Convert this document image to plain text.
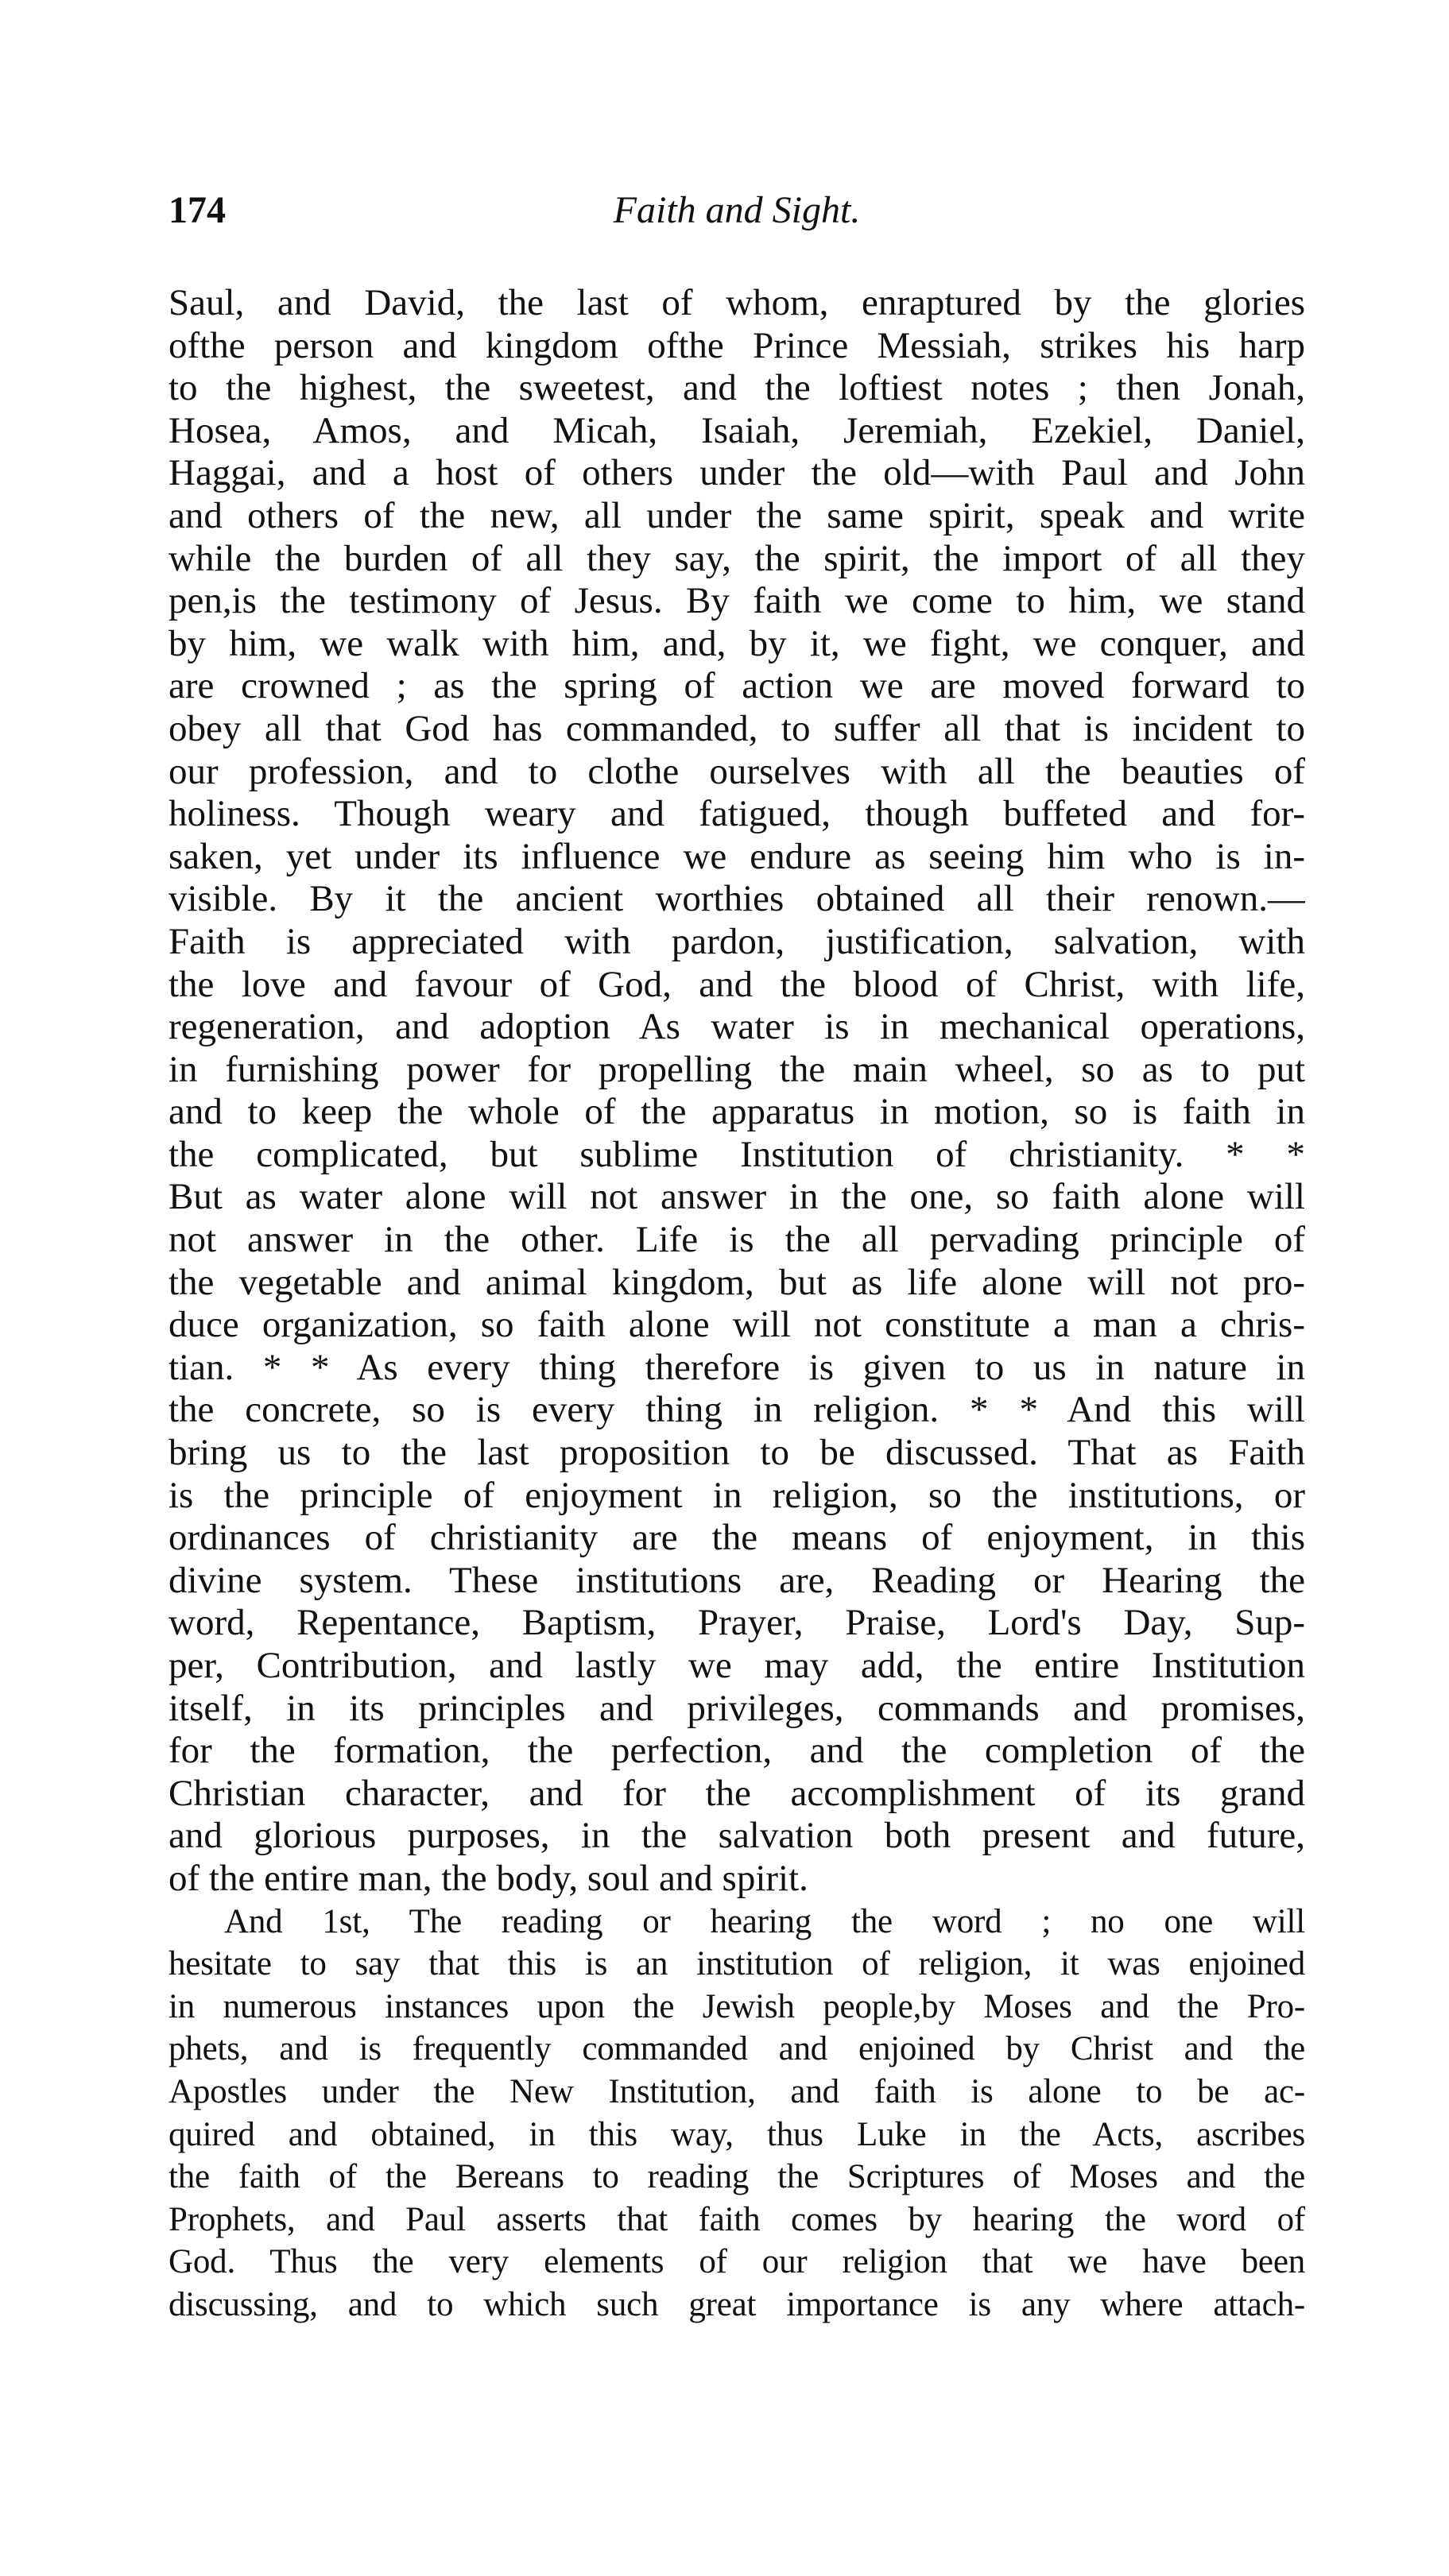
174	Faith and Sight.
Saul, and David, the last of whom, enraptured by the glories
ofthe person and kingdom ofthe Prince Messiah, strikes his harp
to the highest, the sweetest, and the loftiest notes ; then Jonah,
Hosea, Amos, and Micah, Isaiah, Jeremiah, Ezekiel, Daniel,
Haggai, and a host of others under the old—with Paul and John
and others of the new, all under the same spirit, speak and write
while the burden of all they say, the spirit, the import of all they
pen,is the testimony of Jesus. By faith we come to him, we stand
by him, we walk with him, and, by it, we fight, we conquer, and
are crowned ; as the spring of action we are moved forward to
obey all that God has commanded, to suffer all that is incident to
our profession, and to clothe ourselves with all the beauties of
holiness. Though weary and fatigued, though buffeted and for-
saken, yet under its influence we endure as seeing him who is in-
visible. By it the ancient worthies obtained all their renown.—
Faith is appreciated with pardon, justification, salvation, with
the love and favour of God, and the blood of Christ, with life,
regeneration, and adoption As water is in mechanical operations,
in furnishing power for propelling the main wheel, so as to put
and to keep the whole of the apparatus in motion, so is faith in
the complicated, but sublime Institution of christianity. * *
But as water alone will not answer in the one, so faith alone will
not answer in the other. Life is the all pervading principle of
the vegetable and animal kingdom, but as life alone will not pro-
duce organization, so faith alone will not constitute a man a chris-
tian. * * As every thing therefore is given to us in nature in
the concrete, so is every thing in religion. * * And this will
bring us to the last proposition to be discussed. That as Faith
is the principle of enjoyment in religion, so the institutions, or
ordinances of christianity are the means of enjoyment, in this
divine system. These institutions are, Reading or Hearing the
word, Repentance, Baptism, Prayer, Praise, Lord's Day, Sup-
per, Contribution, and lastly we may add, the entire Institution
itself, in its principles and privileges, commands and promises,
for the formation, the perfection, and the completion of the
Christian character, and for the accomplishment of its grand
and glorious purposes, in the salvation both present and future,
of the entire man, the body, soul and spirit.
And 1st, The reading or hearing the word ; no one will
hesitate to say that this is an institution of religion, it was enjoined
in numerous instances upon the Jewish people,by Moses and the Pro-
phets, and is frequently commanded and enjoined by Christ and the
Apostles under the New Institution, and faith is alone to be ac-
quired and obtained, in this way, thus Luke in the Acts, ascribes
the faith of the Bereans to reading the Scriptures of Moses and the
Prophets, and Paul asserts that faith comes by hearing the word of
God. Thus the very elements of our religion that we have been
discussing, and to which such great importance is any where attach-
